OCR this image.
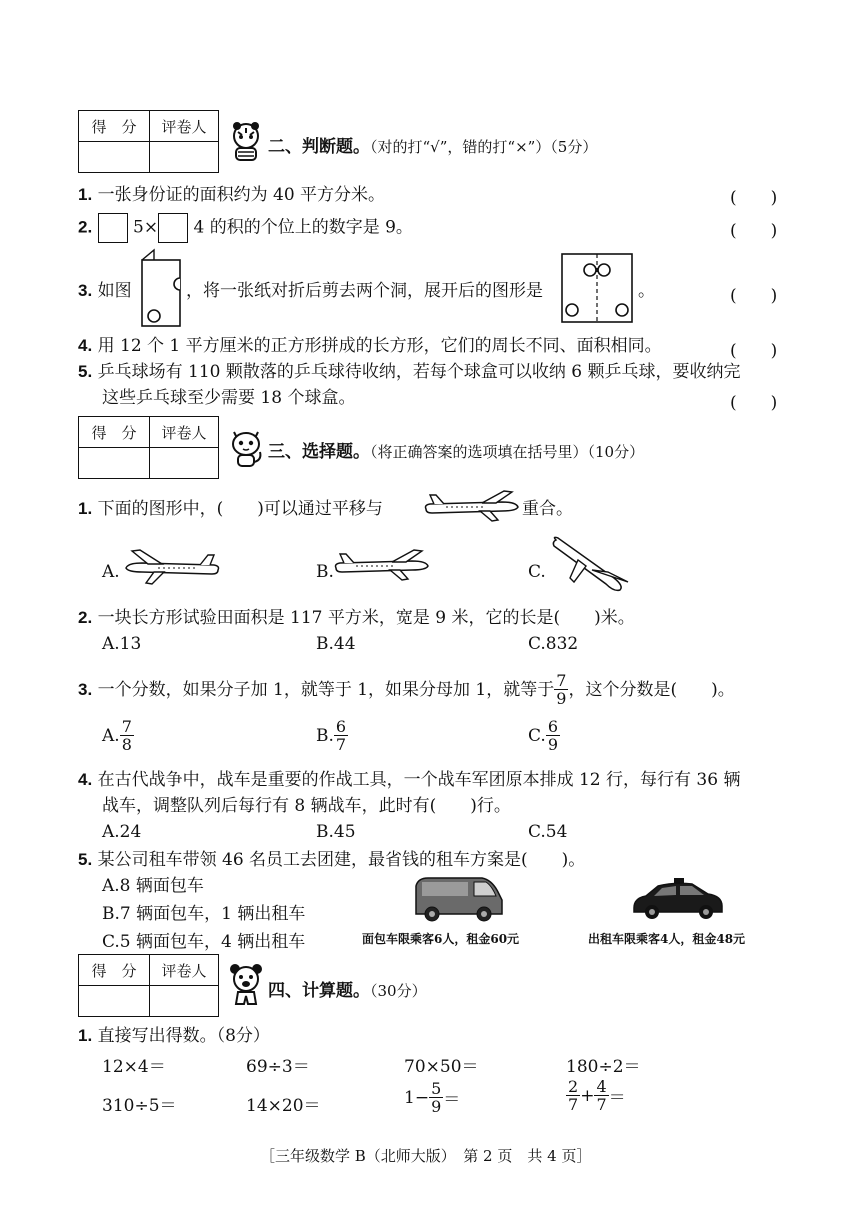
得　分	评卷人

二、判断题。（对的打“√”，错的打“×”）（5分）
1. 一张身份证的面积约为 40 平方分米。	(　　)
2. 5× 4 的积的个位上的数字是 9。	(　　)
3. 如图	，将一张纸对折后剪去两个洞，展开后的图形是	。	(　　)
4. 用 12 个 1 平方厘米的正方形拼成的长方形，它们的周长不同、面积相同。	(　　)
5. 乒乓球场有 110 颗散落的乒乓球待收纳，若每个球盒可以收纳 6 颗乒乓球，要收纳完
这些乒乓球至少需要 18 个球盒。	(　　)
得　分	评卷人

三、选择题。（将正确答案的选项填在括号里）（10分）
1. 下面的图形中，(　　)可以通过平移与	重合。
A.	B.	C.
2. 一块长方形试验田面积是 117 平方米，宽是 9 米，它的长是(　　)米。
A.13	B.44	C.832
3.
一个分数，如果分子加 1，就等于 1，如果分母加 1，就等于 $\frac{7}{9}$ ，这个分数是(　　)。
A. $\frac{7}{8}$	B. $\frac{6}{7}$	C. $\frac{6}{9}$
4. 在古代战争中，战车是重要的作战工具，一个战车军团原本排成 12 行，每行有 36 辆
战车，调整队列后每行有 8 辆战车，此时有(　　)行。
A.24	B.45	C.54
5. 某公司租车带领 46 名员工去团建，最省钱的租车方案是(　　)。
A.8 辆面包车
B.7 辆面包车，1 辆出租车
C.5 辆面包车，4 辆出租车	面包车限乘客6人，租金60元	出租车限乘客4人，租金48元
得　分	评卷人

四、计算题。（30分）
1. 直接写出得数。（8分）
12×4＝	69÷3＝	70×50＝	180÷2＝
310÷5＝	14×20＝	$1- \frac{5}{9}$ ＝	$\frac{2}{7} + \frac{4}{7}$ ＝
［三年级数学 B（北师大版）　第 2 页　共 4 页］
